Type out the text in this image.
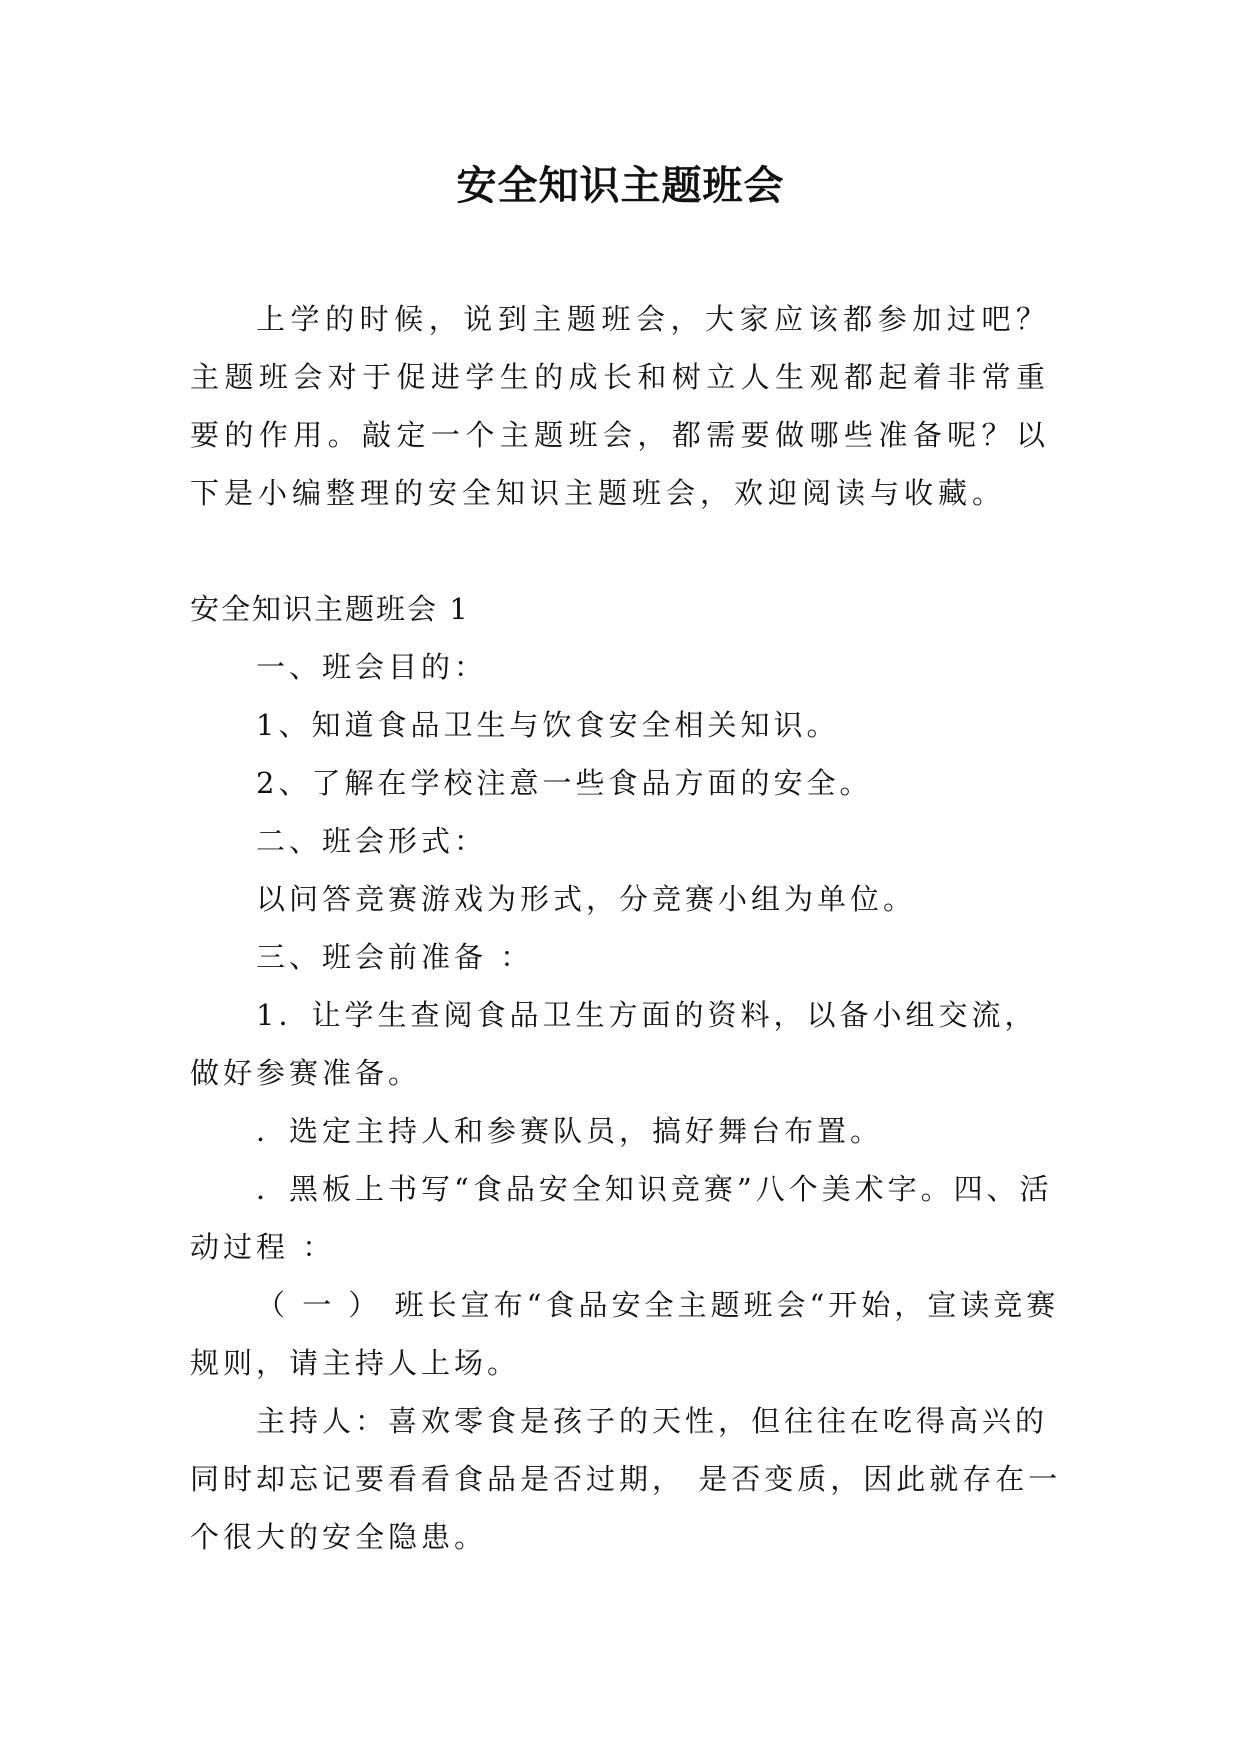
安全知识主题班会

上学的时候，说到主题班会，大家应该都参加过吧？主题班会对于促进学生的成长和树立人生观都起着非常重要的作用。敲定一个主题班会，都需要做哪些准备呢？以下是小编整理的安全知识主题班会，欢迎阅读与收藏。

安全知识主题班会 1

一、班会目的：

1、知道食品卫生与饮食安全相关知识。

2、了解在学校注意一些食品方面的安全。

二、班会形式：

以问答竞赛游戏为形式，分竞赛小组为单位。

三、班会前准备 ：

1．让学生查阅食品卫生方面的资料，以备小组交流，做好参赛准备。

．选定主持人和参赛队员，搞好舞台布置。

．黑板上书写“食品安全知识竞赛”八个美术字。四、活动过程 ：

（ 一 ） 班长宣布“食品安全主题班会“开始，宣读竞赛规则，请主持人上场。

主持人：喜欢零食是孩子的天性，但往往在吃得高兴的同时却忘记要看看食品是否过期， 是否变质，因此就存在一个很大的安全隐患。
